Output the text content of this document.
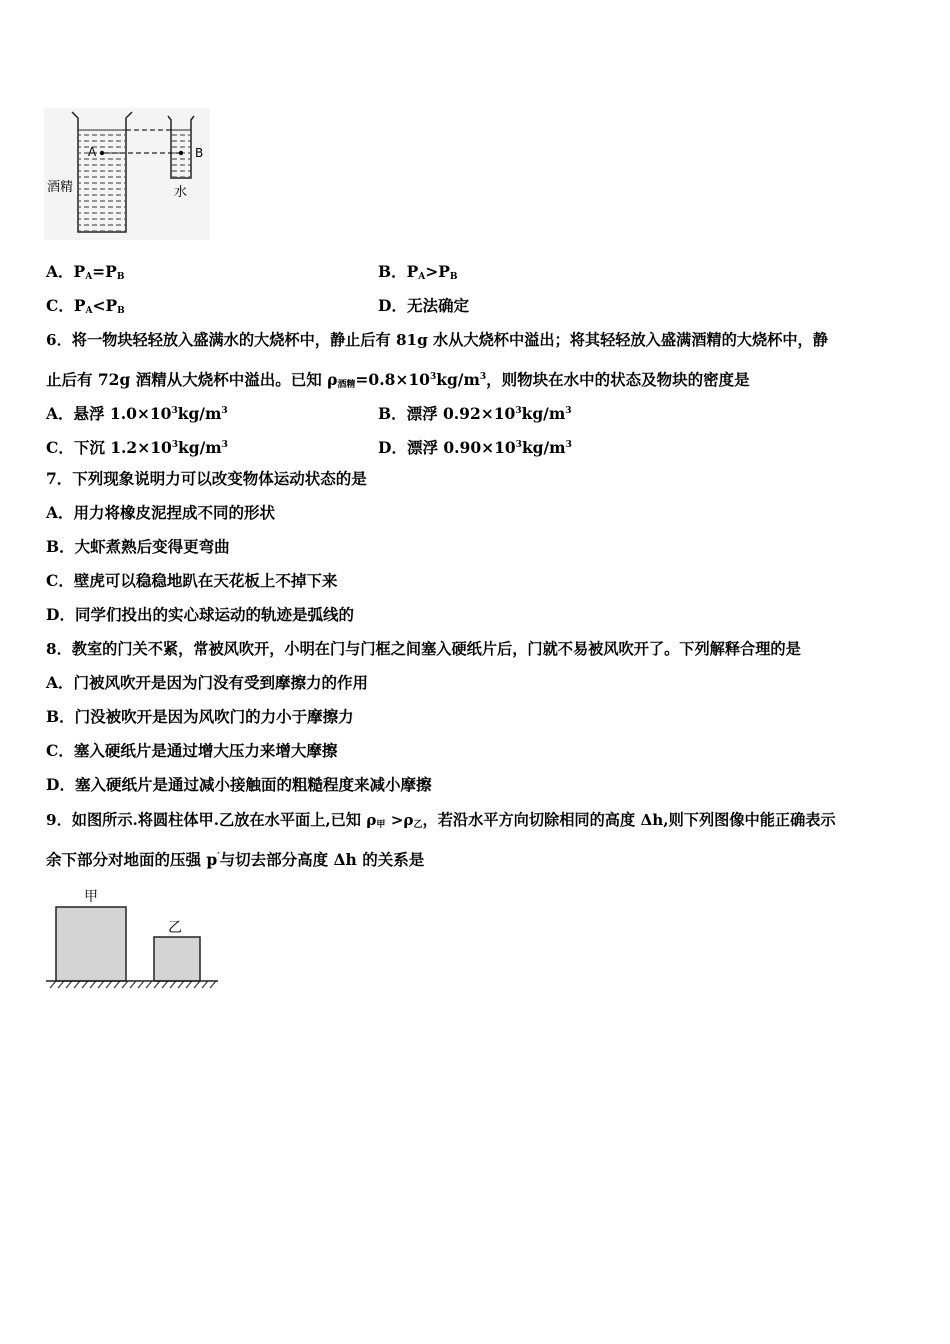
A	B
酒精	水
A．$P_A=P_B$	B．$P_A>P_B$
C．$P_A<P_B$	D．无法确定
6．将一物块轻轻放入盛满水的大烧杯中，静止后有 81g 水从大烧杯中溢出；将其轻轻放入盛满酒精的大烧杯中，静
止后有 72g 酒精从大烧杯中溢出。已知 $\rho_{酒精}=0.8\times 10^3kg/m^3$，则物块在水中的状态及物块的密度是
A．悬浮 $1.0\times 10^3kg/m^3$	B．漂浮 $0.92\times 10^3kg/m^3$
C．下沉 $1.2\times 10^3kg/m^3$	D．漂浮 $0.90\times 10^3kg/m^3$
7．下列现象说明力可以改变物体运动状态的是
A．用力将橡皮泥捏成不同的形状
B．大虾煮熟后变得更弯曲
C．壁虎可以稳稳地趴在天花板上不掉下来
D．同学们投出的实心球运动的轨迹是弧线的
8．教室的门关不紧，常被风吹开，小明在门与门框之间塞入硬纸片后，门就不易被风吹开了。下列解释合理的是
A．门被风吹开是因为门没有受到摩擦力的作用
B．门没被吹开是因为风吹门的力小于摩擦力
C．塞入硬纸片是通过增大压力来增大摩擦
D．塞入硬纸片是通过减小接触面的粗糙程度来减小摩擦
9．如图所示.将圆柱体甲.乙放在水平面上,已知 $\rho_甲 >\rho_乙$，若沿水平方向切除相同的高度 Δh,则下列图像中能正确表示
余下部分对地面的压强 p′与切去部分高度 Δh 的关系是
甲
乙
